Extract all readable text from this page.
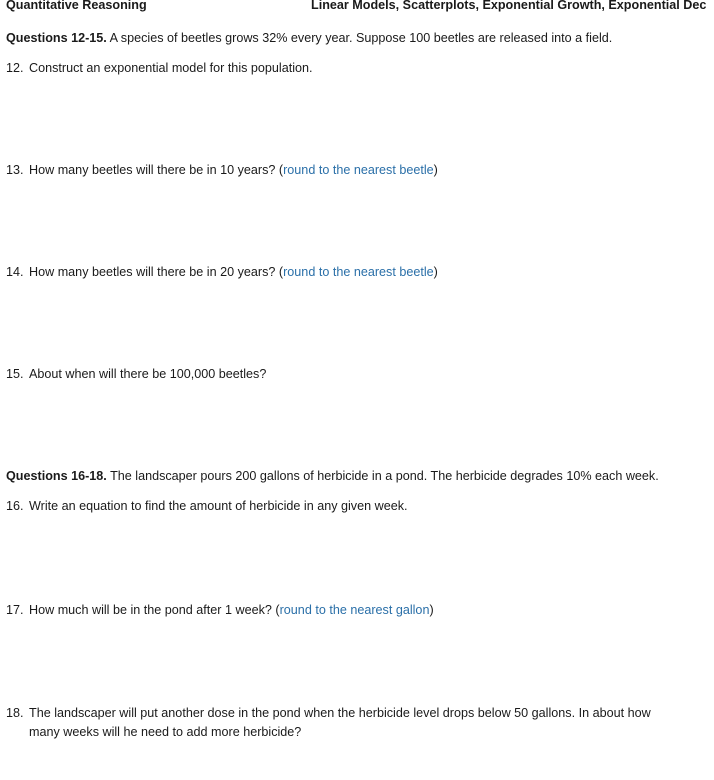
Quantitative Reasoning	Linear Models, Scatterplots, Exponential Growth, Exponential Dec
Questions 12-15. A species of beetles grows 32% every year. Suppose 100 beetles are released into a field.
12. Construct an exponential model for this population.
13. How many beetles will there be in 10 years? (round to the nearest beetle)
14. How many beetles will there be in 20 years? (round to the nearest beetle)
15. About when will there be 100,000 beetles?
Questions 16-18. The landscaper pours 200 gallons of herbicide in a pond. The herbicide degrades 10% each week.
16. Write an equation to find the amount of herbicide in any given week.
17. How much will be in the pond after 1 week? (round to the nearest gallon)
18. The landscaper will put another dose in the pond when the herbicide level drops below 50 gallons. In about how
many weeks will he need to add more herbicide?
